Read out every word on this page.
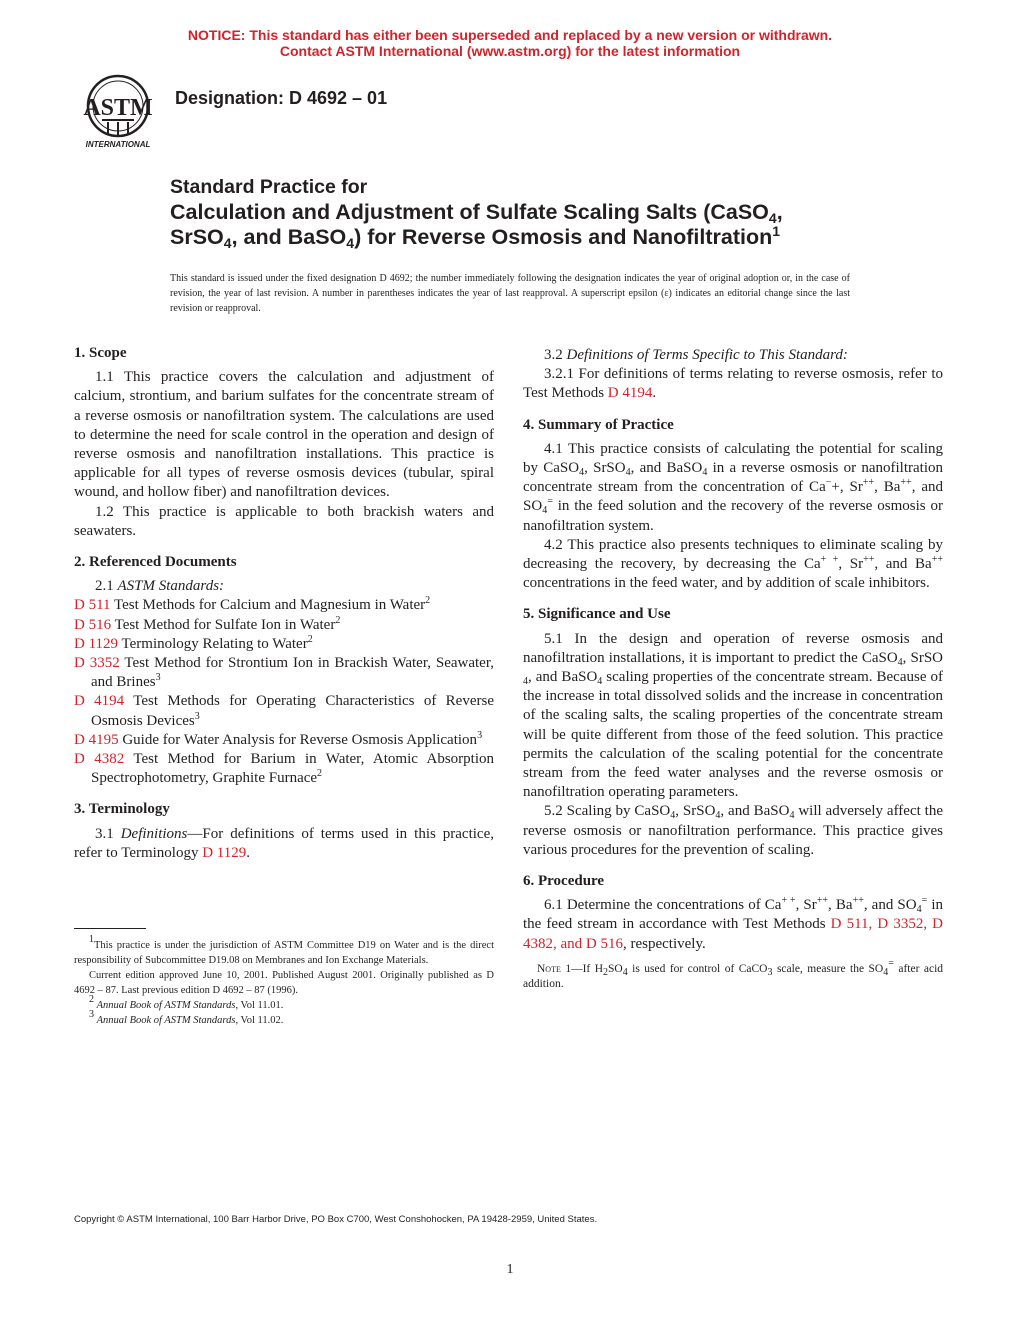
NOTICE: This standard has either been superseded and replaced by a new version or withdrawn.
Contact ASTM International (www.astm.org) for the latest information
ASTM
INTERNATIONAL
Designation: D 4692 – 01
Standard Practice for
Calculation and Adjustment of Sulfate Scaling Salts (CaSO$_4$,
SrSO$_4$, and BaSO$_4$) for Reverse Osmosis and Nanofiltration$^1$
This standard is issued under the fixed designation D 4692; the number immediately following the designation indicates the year of original adoption or, in the case of revision, the year of last revision. A number in parentheses indicates the year of last reapproval. A superscript epsilon (ε) indicates an editorial change since the last revision or reapproval.
1. Scope

1.1 This practice covers the calculation and adjustment of calcium, strontium, and barium sulfates for the concentrate stream of a reverse osmosis or nanofiltration system. The calculations are used to determine the need for scale control in the operation and design of reverse osmosis and nanofiltration installations. This practice is applicable for all types of reverse osmosis devices (tubular, spiral wound, and hollow fiber) and nanofiltration devices.

1.2 This practice is applicable to both brackish waters and seawaters.

2. Referenced Documents

2.1 ASTM Standards:

D 511 Test Methods for Calcium and Magnesium in Water$^2$
D 516 Test Method for Sulfate Ion in Water$^2$
D 1129 Terminology Relating to Water$^2$
D 3352 Test Method for Strontium Ion in Brackish Water, Seawater, and Brines$^3$
D 4194 Test Methods for Operating Characteristics of Reverse Osmosis Devices$^3$
D 4195 Guide for Water Analysis for Reverse Osmosis Application$^3$
D 4382 Test Method for Barium in Water, Atomic Absorption Spectrophotometry, Graphite Furnace$^2$
3. Terminology

3.1 Definitions—For definitions of terms used in this practice, refer to Terminology D 1129.

$^1$This practice is under the jurisdiction of ASTM Committee D19 on Water and is the direct responsibility of Subcommittee D19.08 on Membranes and Ion Exchange Materials.

Current edition approved June 10, 2001. Published August 2001. Originally published as D 4692 – 87. Last previous edition D 4692 – 87 (1996).

$^2$ Annual Book of ASTM Standards, Vol 11.01.

$^3$ Annual Book of ASTM Standards, Vol 11.02.

3.2 Definitions of Terms Specific to This Standard:

3.2.1 For definitions of terms relating to reverse osmosis, refer to Test Methods D 4194.

4. Summary of Practice

4.1 This practice consists of calculating the potential for scaling by CaSO$_4$, SrSO$_4$, and BaSO$_4$ in a reverse osmosis or nanofiltration concentrate stream from the concentration of Ca−+, Sr++, Ba++, and $SO_4^=$ in the feed solution and the recovery of the reverse osmosis or nanofiltration system.

4.2 This practice also presents techniques to eliminate scaling by decreasing the recovery, by decreasing the Ca+ +, Sr++, and Ba++ concentrations in the feed water, and by addition of scale inhibitors.

5. Significance and Use

5.1 In the design and operation of reverse osmosis and nanofiltration installations, it is important to predict the CaSO$_4$, SrSO $_4$, and BaSO$_4$ scaling properties of the concentrate stream. Because of the increase in total dissolved solids and the increase in concentration of the scaling salts, the scaling properties of the concentrate stream will be quite different from those of the feed solution. This practice permits the calculation of the scaling potential for the concentrate stream from the feed water analyses and the reverse osmosis or nanofiltration operating parameters.

5.2 Scaling by CaSO$_4$, SrSO$_4$, and BaSO$_4$ will adversely affect the reverse osmosis or nanofiltration performance. This practice gives various procedures for the prevention of scaling.

6. Procedure

6.1 Determine the concentrations of Ca+ +, Sr++, Ba++, and $SO_4^=$ in the feed stream in accordance with Test Methods D 511, D 3352, D 4382, and D 516, respectively.

Note 1—If $H_2SO_4$ is used for control of CaCO$_3$ scale, measure the $SO_4^=$ after acid addition.

Copyright © ASTM International, 100 Barr Harbor Drive, PO Box C700, West Conshohocken, PA 19428-2959, United States.
1
